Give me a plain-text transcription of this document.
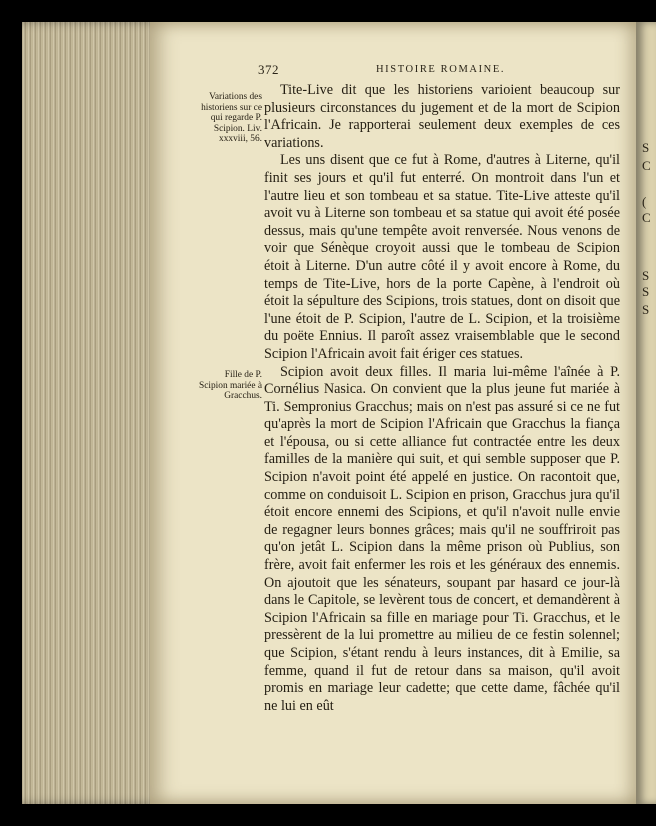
S
C
(
C
S
S
S
372	HISTOIRE ROMAINE.
Variations des historiens sur ce qui regarde P. Scipion. Liv. xxxviii, 56.
Fille de P. Scipion mariée à Gracchus.

Tite-Live dit que les historiens varioient beaucoup sur plusieurs circonstances du jugement et de la mort de Scipion l'Africain. Je rapporterai seulement deux exemples de ces variations.

Les uns disent que ce fut à Rome, d'autres à Literne, qu'il finit ses jours et qu'il fut enterré. On montroit dans l'un et l'autre lieu et son tombeau et sa statue. Tite-Live atteste qu'il avoit vu à Literne son tombeau et sa statue qui avoit été posée dessus, mais qu'une tempête avoit renversée. Nous venons de voir que Sénèque croyoit aussi que le tombeau de Scipion étoit à Literne. D'un autre côté il y avoit encore à Rome, du temps de Tite-Live, hors de la porte Capène, à l'endroit où étoit la sépulture des Scipions, trois statues, dont on disoit que l'une étoit de P. Scipion, l'autre de L. Scipion, et la troisième du poëte Ennius. Il paroît assez vraisemblable que le second Scipion l'Africain avoit fait ériger ces statues.

Scipion avoit deux filles. Il maria lui-même l'aînée à P. Cornélius Nasica. On convient que la plus jeune fut mariée à Ti. Sempronius Gracchus; mais on n'est pas assuré si ce ne fut qu'après la mort de Scipion l'Africain que Gracchus la fiança et l'épousa, ou si cette alliance fut contractée entre les deux familles de la manière qui suit, et qui semble supposer que P. Scipion n'avoit point été appelé en justice. On racontoit que, comme on conduisoit L. Scipion en prison, Gracchus jura qu'il étoit encore ennemi des Scipions, et qu'il n'avoit nulle envie de regagner leurs bonnes grâces; mais qu'il ne souffriroit pas qu'on jetât L. Scipion dans la même prison où Publius, son frère, avoit fait enfermer les rois et les généraux des ennemis. On ajoutoit que les sénateurs, soupant par hasard ce jour-là dans le Capitole, se levèrent tous de concert, et demandèrent à Scipion l'Africain sa fille en mariage pour Ti. Gracchus, et le pressèrent de la lui promettre au milieu de ce festin solennel; que Scipion, s'étant rendu à leurs instances, dit à Emilie, sa femme, quand il fut de retour dans sa maison, qu'il avoit promis en mariage leur cadette; que cette dame, fâchée qu'il ne lui en eût
